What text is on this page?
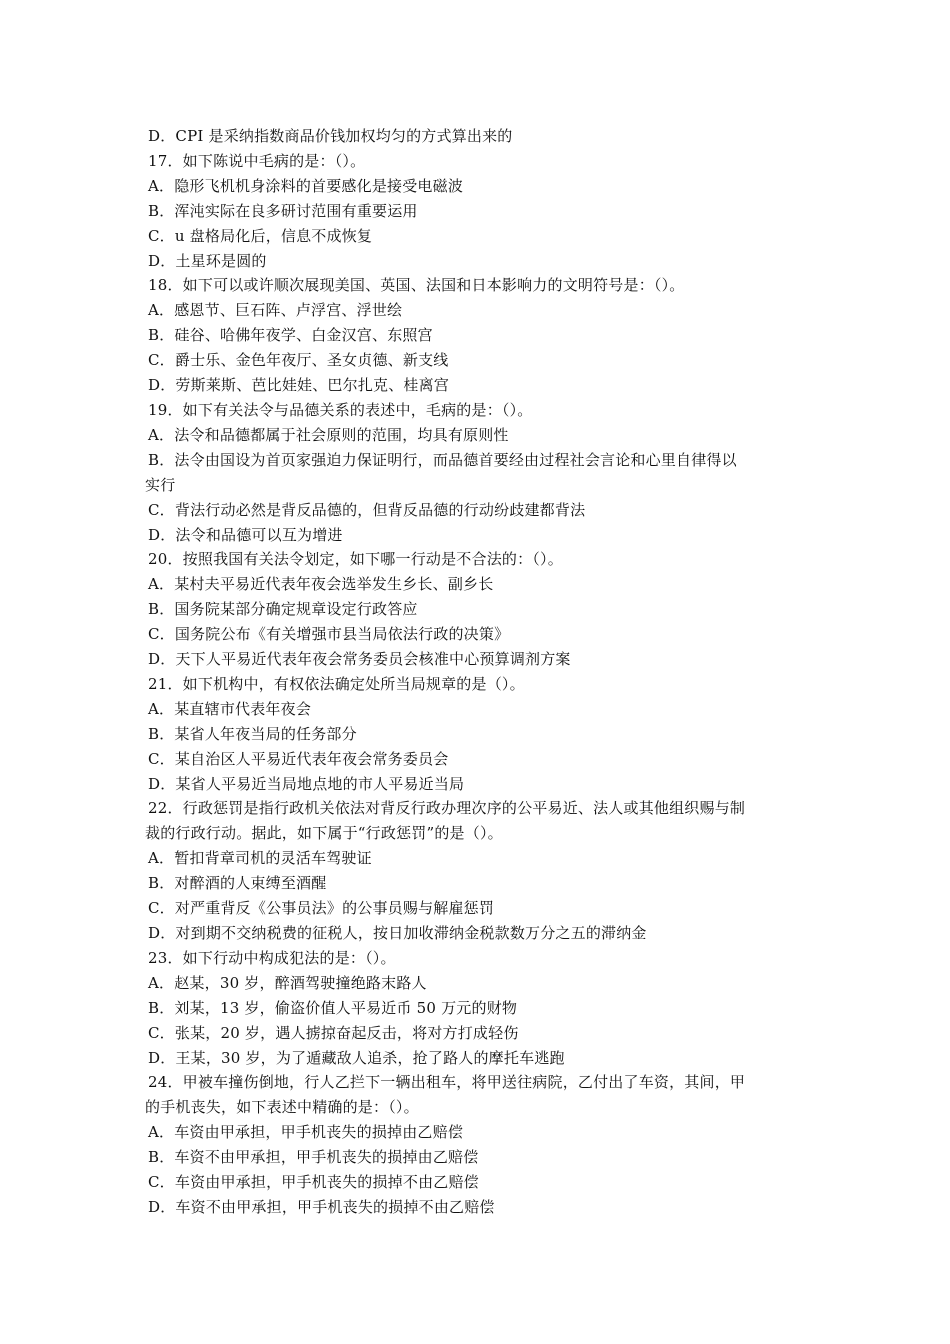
D．CPI 是采纳指数商品价钱加权均匀的方式算出来的
17．如下陈说中毛病的是：（）。
A．隐形飞机机身涂料的首要感化是接受电磁波
B．浑沌实际在良多研讨范围有重要运用
C．u 盘格局化后，信息不成恢复
D．土星环是圆的
18．如下可以或许顺次展现美国、英国、法国和日本影响力的文明符号是：（）。
A．感恩节、巨石阵、卢浮宫、浮世绘
B．硅谷、哈佛年夜学、白金汉宫、东照宫
C．爵士乐、金色年夜厅、圣女贞德、新支线
D．劳斯莱斯、芭比娃娃、巴尔扎克、桂离宫
19．如下有关法令与品德关系的表述中，毛病的是：（）。
A．法令和品德都属于社会原则的范围，均具有原则性
B．法令由国设为首页家强迫力保证明行，而品德首要经由过程社会言论和心里自律得以
实行
C．背法行动必然是背反品德的，但背反品德的行动纷歧建都背法
D．法令和品德可以互为增进
20．按照我国有关法令划定，如下哪一行动是不合法的：（）。
A．某村夫平易近代表年夜会选举发生乡长、副乡长
B．国务院某部分确定规章设定行政答应
C．国务院公布《有关增强市县当局依法行政的决策》
D．天下人平易近代表年夜会常务委员会核准中心预算调剂方案
21．如下机构中，有权依法确定处所当局规章的是（）。
A．某直辖市代表年夜会
B．某省人年夜当局的任务部分
C．某自治区人平易近代表年夜会常务委员会
D．某省人平易近当局地点地的市人平易近当局
22．行政惩罚是指行政机关依法对背反行政办理次序的公平易近、法人或其他组织赐与制
裁的行政行动。据此，如下属于“行政惩罚”的是（）。
A．暂扣背章司机的灵活车驾驶证
B．对醉酒的人束缚至酒醒
C．对严重背反《公事员法》的公事员赐与解雇惩罚
D．对到期不交纳税费的征税人，按日加收滞纳金税款数万分之五的滞纳金
23．如下行动中构成犯法的是：（）。
A．赵某，30 岁，醉酒驾驶撞绝路末路人
B．刘某，13 岁，偷盗价值人平易近币 50 万元的财物
C．张某，20 岁，遇人掳掠奋起反击，将对方打成轻伤
D．王某，30 岁，为了遁藏敌人追杀，抢了路人的摩托车逃跑
24．甲被车撞伤倒地，行人乙拦下一辆出租车，将甲送往病院，乙付出了车资，其间，甲
的手机丧失，如下表述中精确的是：（）。
A．车资由甲承担，甲手机丧失的损掉由乙赔偿
B．车资不由甲承担，甲手机丧失的损掉由乙赔偿
C．车资由甲承担，甲手机丧失的损掉不由乙赔偿
D．车资不由甲承担，甲手机丧失的损掉不由乙赔偿
